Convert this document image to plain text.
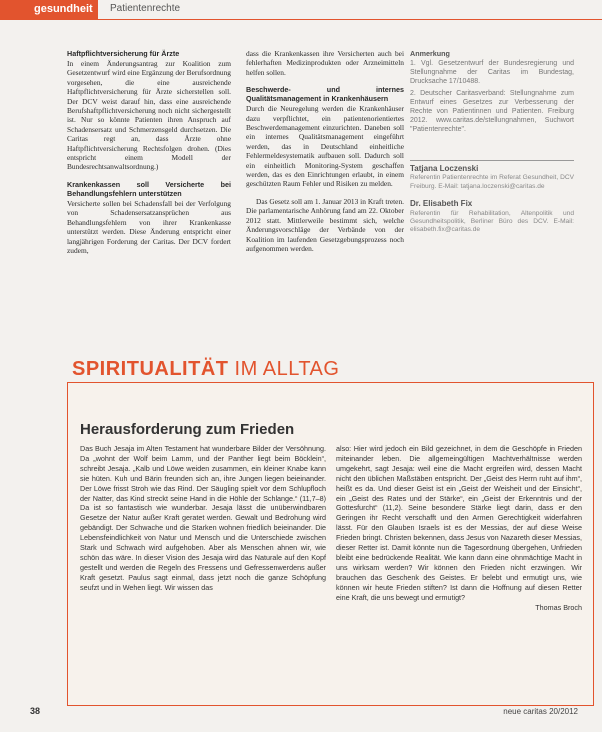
gesundheit	Patientenrechte
Haftpflichtversicherung für Ärzte

In einem Änderungsantrag zur Koalition zum Gesetzentwurf wird eine Ergänzung der Berufsordnung vorgesehen, die eine ausreichende Haftpflichtversicherung für Ärzte sicherstellen soll. Der DCV weist darauf hin, dass eine ausreichende Berufshaftpflichtversicherung noch nicht sichergestellt ist. Nur so könnte Patienten ihren Anspruch auf Schadensersatz und Schmerzensgeld durchsetzen. Die Caritas regt an, dass Ärzte ohne Haftpflichtversicherung Rechtsfolgen drohen. (Dies entspricht einem Modell der Bundesrechtsanwaltsordnung.)

Krankenkassen soll Versicherte bei Behandlungsfehlern unterstützen

Versicherte sollen bei Schadensfall bei der Verfolgung von Schadensersatzansprüchen aus Behandlungsfehlern von ihrer Krankenkasse unterstützt werden. Diese Änderung entspricht einer langjährigen Forderung der Caritas. Der DCV fordert zudem,

dass die Krankenkassen ihre Versicherten auch bei fehlerhaften Medizinprodukten oder Arzneimitteln helfen sollen.

Beschwerde- und internes Qualitätsmanagement in Krankenhäusern

Durch die Neuregelung werden die Krankenhäuser dazu verpflichtet, ein patientenorientiertes Beschwerdemanagement einzurichten. Daneben soll ein internes Qualitätsmanagement eingeführt werden, das in Deutschland einheitliche Fehlermeldesystematik aufbauen soll. Dadurch soll ein einheitlich Monitoring-System geschaffen werden, das es den Einrichtungen erlaubt, in einem geschützten Raum Fehler und Risiken zu melden.

Das Gesetz soll am 1. Januar 2013 in Kraft treten. Die parlamentarische Anhörung fand am 22. Oktober 2012 statt. Mittlerweile bestimmt sich, welche Änderungsvorschläge der Verbände von der Koalition im laufenden Gesetzgebungsprozess noch aufgenommen werden.

Anmerkung
1. Vgl. Gesetzentwurf der Bundesregierung und Stellungnahme der Caritas im Bundestag, Drucksache 17/10488.
2. Deutscher Caritasverband: Stellungnahme zum Entwurf eines Gesetzes zur Verbesserung der Rechte von Patientinnen und Patienten. Freiburg 2012. www.caritas.de/stellungnahmen, Suchwort "Patientenrechte".
Tatjana Loczenski
Referentin Patientenrechte im Referat Gesundheit, DCV Freiburg. E-Mail: tatjana.loczenski@caritas.de
Dr. Elisabeth Fix
Referentin für Rehabilitation, Altenpolitik und Gesundheitspolitik, Berliner Büro des DCV. E-Mail: elisabeth.fix@caritas.de
SPIRITUALITÄT IM ALLTAG
Herausforderung zum Frieden

Das Buch Jesaja im Alten Testament hat wunderbare Bilder der Versöhnung. Da „wohnt der Wolf beim Lamm, und der Panther liegt beim Böcklein“, schreibt Jesaja. „Kalb und Löwe weiden zusammen, ein kleiner Knabe kann sie hüten. Kuh und Bärin freunden sich an, ihre Jungen liegen beieinander. Der Löwe frisst Stroh wie das Rind. Der Säugling spielt vor dem Schlupfloch der Natter, das Kind streckt seine Hand in die Höhle der Schlange.“ (11,7–8) Da ist so fantastisch wie wunderbar. Jesaja lässt die unüberwindbaren Gesetze der Natur außer Kraft geratet werden. Gewalt und Bedrohung wird gebändigt. Der Schwache und die Starken wohnen friedlich beieinander. Die Lebensfeindlichkeit von Natur und Mensch und die Unterschiede zwischen Stark und Schwach wird aufgehoben. Aber als Menschen ahnen wir, wie schön das wäre. In dieser Vision des Jesaja wird das Naturale auf den Kopf gestellt und werden die Regeln des Fressens und Gefressenwerdens außer Kraft gesetzt. Paulus sagt einmal, dass jetzt noch die ganze Schöpfung seufzt und in Wehen liegt. Wir wissen das

also: Hier wird jedoch ein Bild gezeichnet, in dem die Geschöpfe in Frieden miteinander leben. Die allgemeingültigen Machtverhältnisse werden umgekehrt, sagt Jesaja: weil eine die Macht ergreifen wird, dessen Macht nicht den üblichen Maßstäben entspricht. Der „Geist des Herrn ruht auf ihm“, heißt es da. Und dieser Geist ist ein „Geist der Weisheit und der Einsicht“, ein „Geist des Rates und der Stärke“, ein „Geist der Erkenntnis und der Gottesfurcht“ (11,2). Seine besondere Stärke liegt darin, dass er den Geringen ihr Recht verschafft und den Armen Gerechtigkeit widerfahren lässt. Für den Glauben Israels ist es der Messias, der auf diese Weise Frieden bringt. Christen bekennen, dass Jesus von Nazareth dieser Messias, dieser Retter ist. Damit könnte nun die Tagesordnung übergehen, Unfrieden bleibt eine bedrückende Realität. Wie kann dann eine ohnmächtige Macht in uns wirksam werden? Wir können den Frieden nicht erzwingen. Wir brauchen das Geschenk des Geistes. Er belebt und ermutigt uns, wie können wir heute Frieden stiften? Ist dann die Hoffnung auf diesen Retter eine Kraft, die uns bewegt und ermutigt?

Thomas Broch

38	neue caritas 20/2012
